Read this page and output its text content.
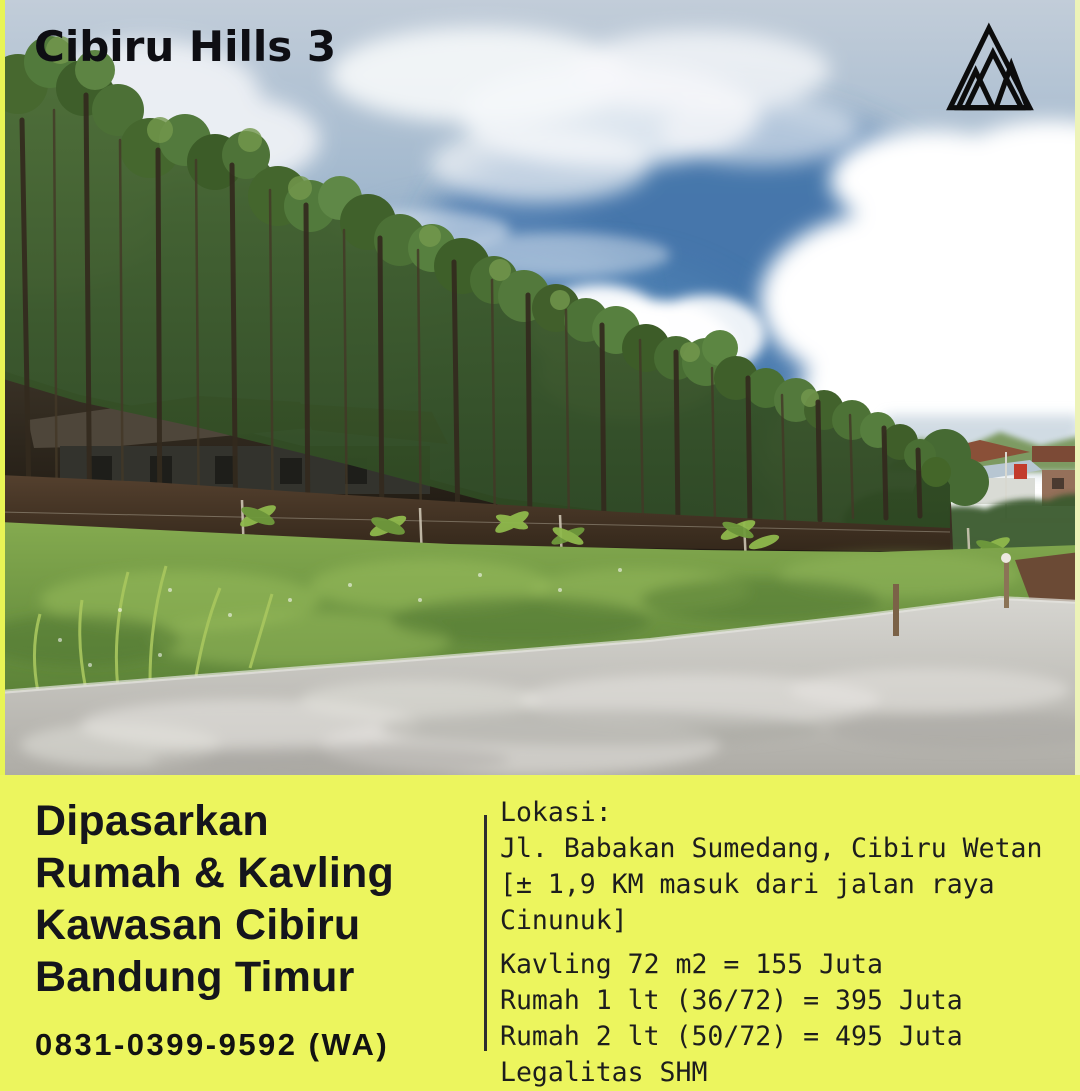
Cibiru Hills 3
Dipasarkan
Rumah & Kavling
Kawasan Cibiru
Bandung Timur
0831-0399-9592 (WA)
Lokasi:
Jl. Babakan Sumedang, Cibiru Wetan
[± 1,9 KM masuk dari jalan raya
Cinunuk]
Kavling 72 m2 = 155 Juta
Rumah 1 lt (36/72) = 395 Juta
Rumah 2 lt (50/72) = 495 Juta
Legalitas SHM
